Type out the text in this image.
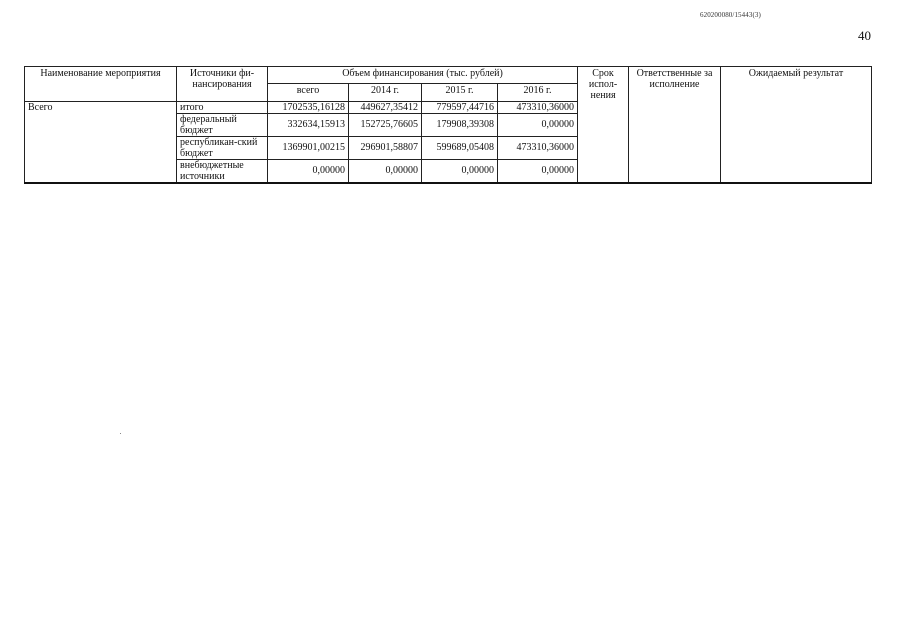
620200080/15443(3)
40
Наименование мероприятия	Источники фи-нансирования	Объем финансирования (тыс. рублей)				Срок испол-нения	Ответственные за исполнение	Ожидаемый результат
		всего	2014 г.	2015 г.	2016 г.			
Всего	итого	1702535,16128	449627,35412	779597,44716	473310,36000			
	федеральный бюджет	332634,15913	152725,76605	179908,39308	0,00000			
	республикан-ский бюджет	1369901,00215	296901,58807	599689,05408	473310,36000			
	внебюджетные источники	0,00000	0,00000	0,00000	0,00000			
